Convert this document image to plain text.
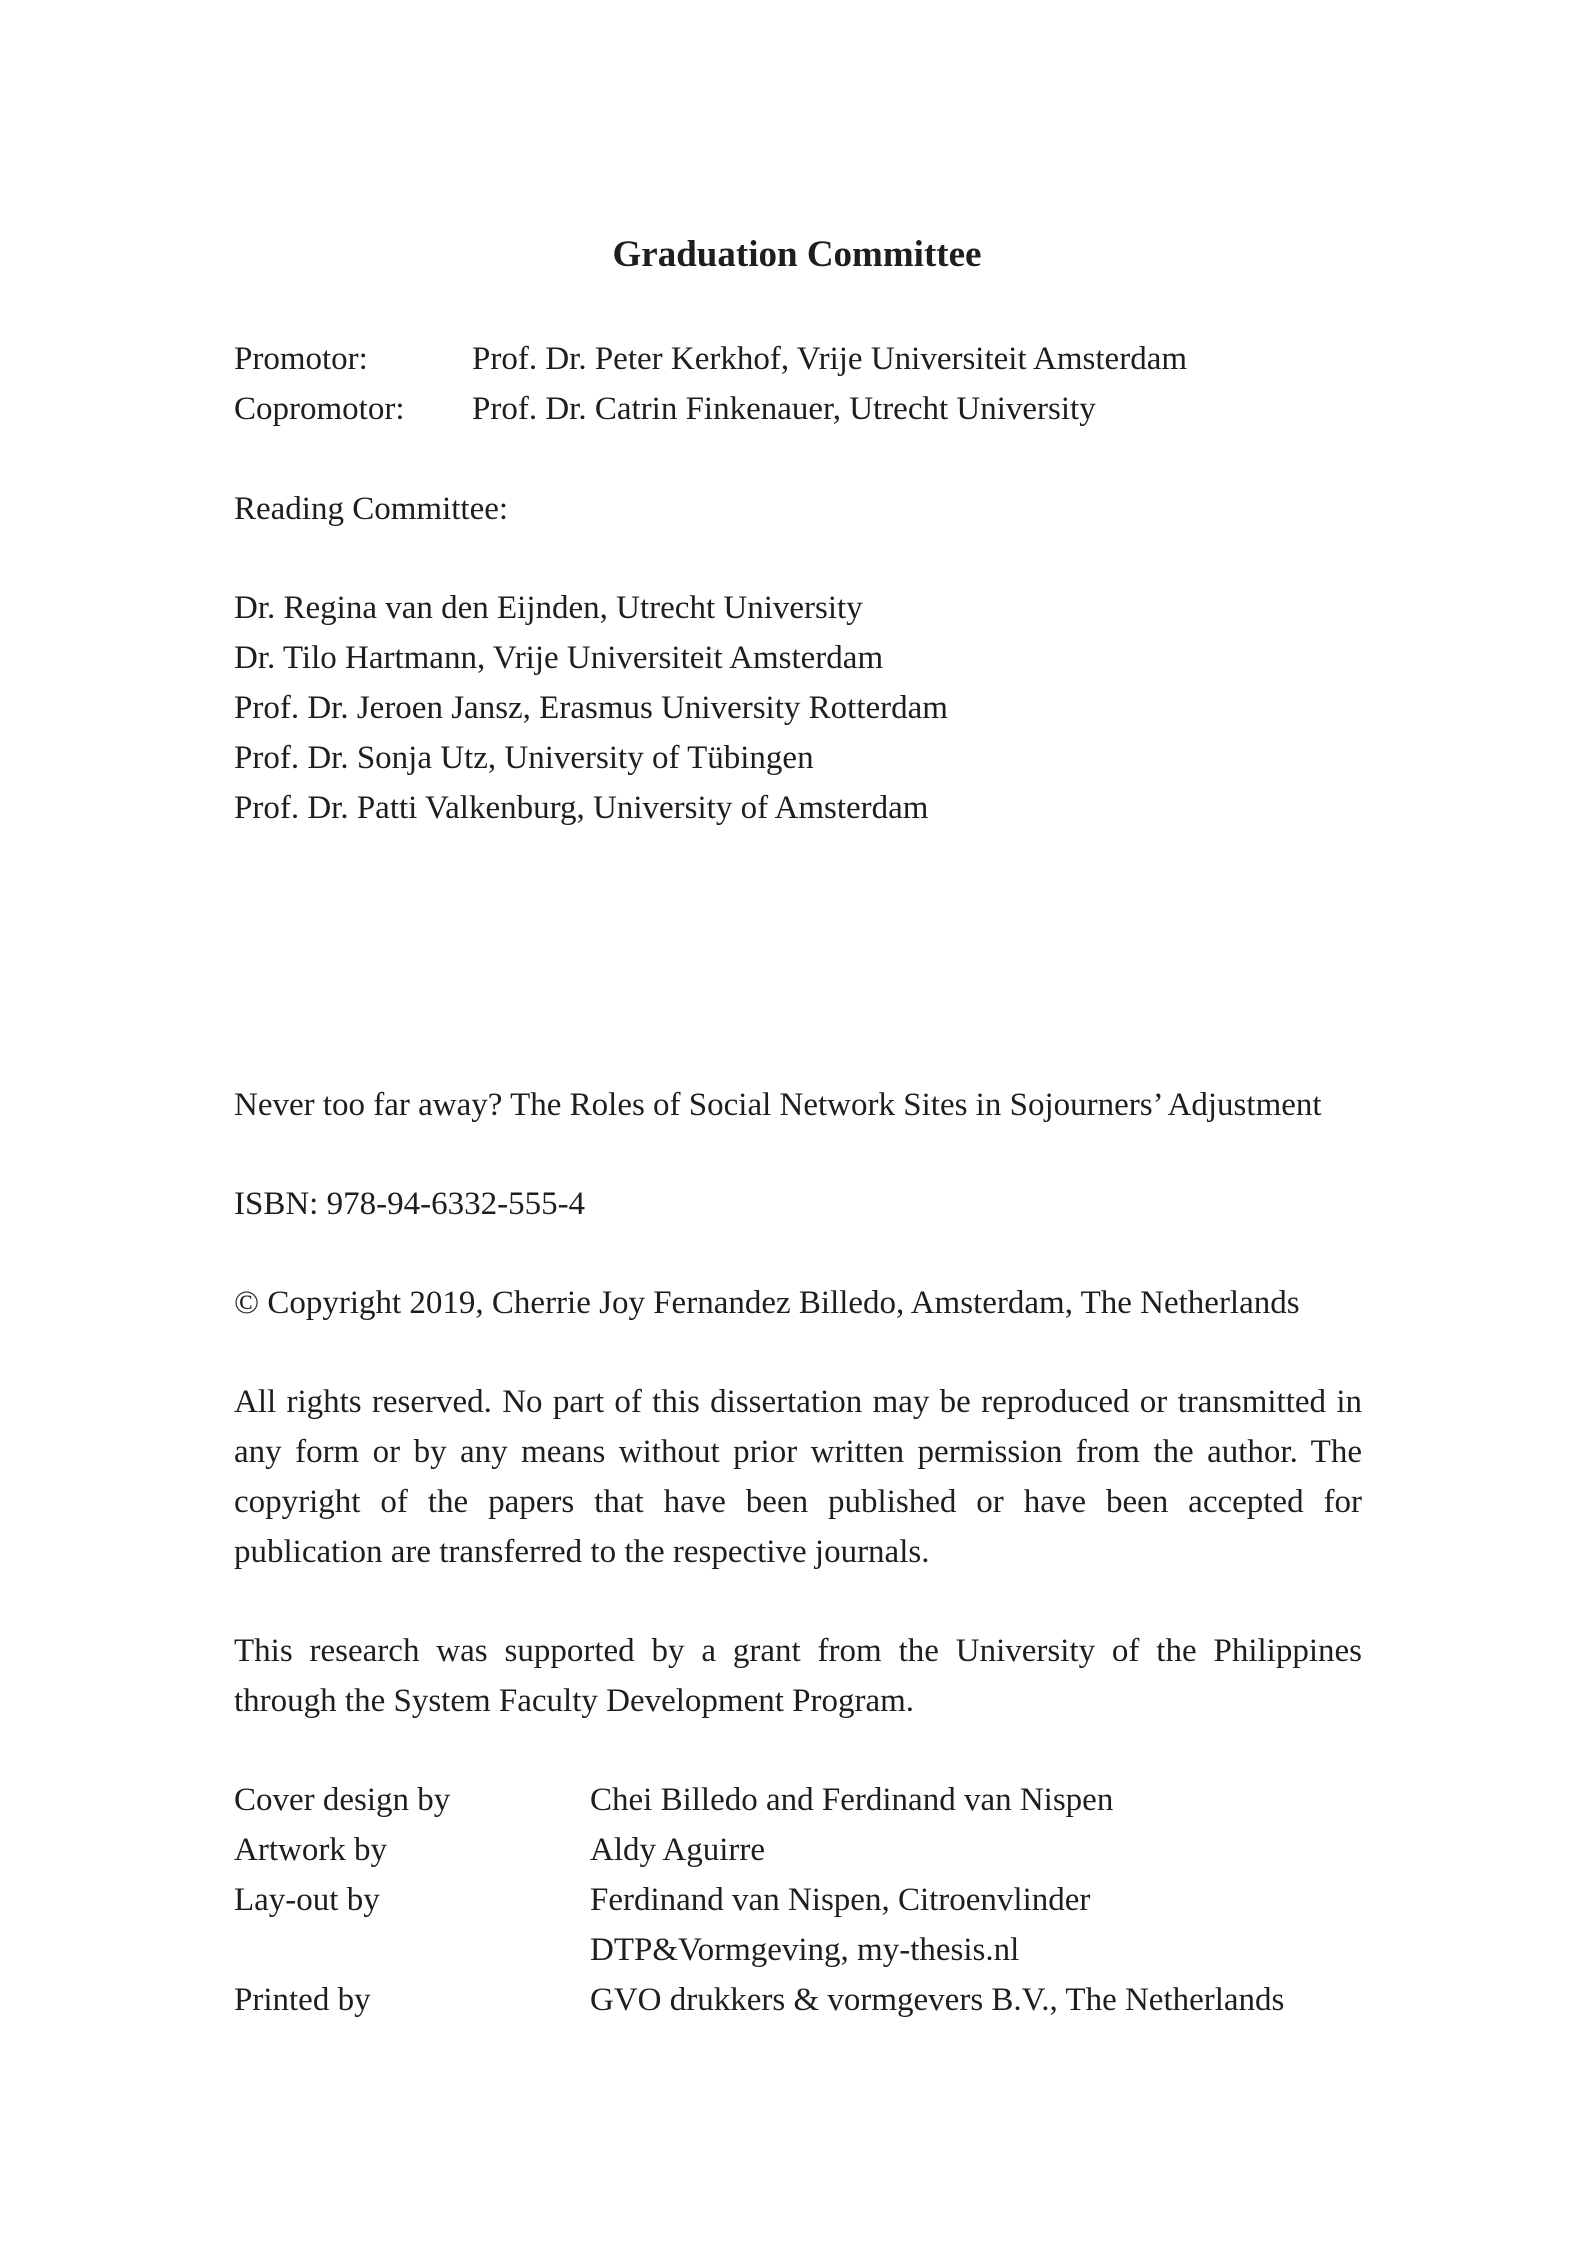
Graduation Committee
Promotor:	Prof. Dr. Peter Kerkhof, Vrije Universiteit Amsterdam
Copromotor:	Prof. Dr. Catrin Finkenauer, Utrecht University
Reading Committee:
Dr. Regina van den Eijnden, Utrecht University
Dr. Tilo Hartmann, Vrije Universiteit Amsterdam
Prof. Dr. Jeroen Jansz, Erasmus University Rotterdam
Prof. Dr. Sonja Utz, University of Tübingen
Prof. Dr. Patti Valkenburg, University of Amsterdam
Never too far away? The Roles of Social Network Sites in Sojourners’ Adjustment
ISBN: 978-94-6332-555-4
© Copyright 2019, Cherrie Joy Fernandez Billedo, Amsterdam, The Netherlands

All rights reserved. No part of this dissertation may be reproduced or transmitted in any form or by any means without prior written permission from the author. The copyright of the papers that have been published or have been accepted for publication are transferred to the respective journals.

This research was supported by a grant from the University of the Philippines through the System Faculty Development Program.

Cover design by	Chei Billedo and Ferdinand van Nispen
Artwork by	Aldy Aguirre
Lay-out by	Ferdinand van Nispen, Citroenvlinder
DTP&Vormgeving, my-thesis.nl
Printed by	GVO drukkers & vormgevers B.V., The Netherlands
